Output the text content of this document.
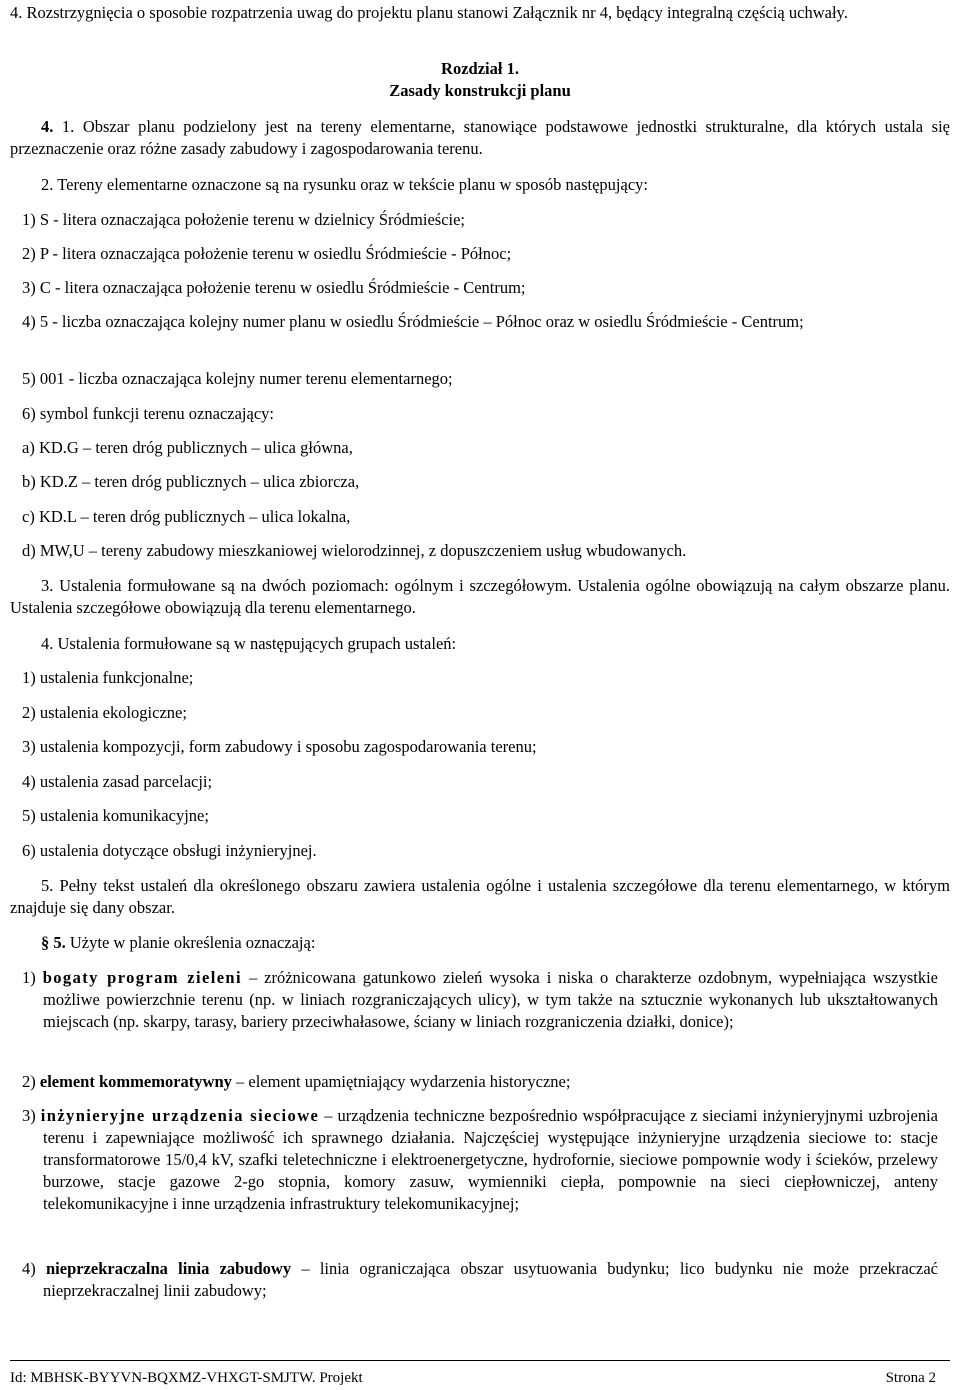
4. Rozstrzygnięcia o sposobie rozpatrzenia uwag do projektu planu stanowi Załącznik nr 4, będący integralną częścią uchwały.
Rozdział 1.
Zasady konstrukcji planu
4. 1. Obszar planu podzielony jest na tereny elementarne, stanowiące podstawowe jednostki strukturalne, dla których ustala się przeznaczenie oraz różne zasady zabudowy i zagospodarowania terenu.
2. Tereny elementarne oznaczone są na rysunku oraz w tekście planu w sposób następujący:
1) S - litera oznaczająca położenie terenu w dzielnicy Śródmieście;
2) P - litera oznaczająca położenie terenu w osiedlu Śródmieście - Północ;
3) C - litera oznaczająca położenie terenu w osiedlu Śródmieście - Centrum;
4) 5 - liczba oznaczająca kolejny numer planu w osiedlu Śródmieście – Północ oraz w osiedlu Śródmieście - Centrum;
5) 001 - liczba oznaczająca kolejny numer terenu elementarnego;
6) symbol funkcji terenu oznaczający:
a) KD.G – teren dróg publicznych – ulica główna,
b) KD.Z – teren dróg publicznych – ulica zbiorcza,
c) KD.L – teren dróg publicznych – ulica lokalna,
d) MW,U – tereny zabudowy mieszkaniowej wielorodzinnej, z dopuszczeniem usług wbudowanych.
3. Ustalenia formułowane są na dwóch poziomach: ogólnym i szczegółowym. Ustalenia ogólne obowiązują na całym obszarze planu. Ustalenia szczegółowe obowiązują dla terenu elementarnego.
4. Ustalenia formułowane są w następujących grupach ustaleń:
1) ustalenia funkcjonalne;
2) ustalenia ekologiczne;
3) ustalenia kompozycji, form zabudowy i sposobu zagospodarowania terenu;
4) ustalenia zasad parcelacji;
5) ustalenia komunikacyjne;
6) ustalenia dotyczące obsługi inżynieryjnej.
5. Pełny tekst ustaleń dla określonego obszaru zawiera ustalenia ogólne i ustalenia szczegółowe dla terenu elementarnego, w którym znajduje się dany obszar.
§ 5. Użyte w planie określenia oznaczają:
1) bogaty program zieleni – zróżnicowana gatunkowo zieleń wysoka i niska o charakterze ozdobnym, wypełniająca wszystkie możliwe powierzchnie terenu (np. w liniach rozgraniczających ulicy), w tym także na sztucznie wykonanych lub ukształtowanych miejscach (np. skarpy, tarasy, bariery przeciwhałasowe, ściany w liniach rozgraniczenia działki, donice);
2) element kommemoratywny – element upamiętniający wydarzenia historyczne;
3) inżynieryjne urządzenia sieciowe – urządzenia techniczne bezpośrednio współpracujące z sieciami inżynieryjnymi uzbrojenia terenu i zapewniające możliwość ich sprawnego działania. Najczęściej występujące inżynieryjne urządzenia sieciowe to: stacje transformatorowe 15/0,4 kV, szafki teletechniczne i elektroenergetyczne, hydrofornie, sieciowe pompownie wody i ścieków, przelewy burzowe, stacje gazowe 2-go stopnia, komory zasuw, wymienniki ciepła, pompownie na sieci ciepłowniczej, anteny telekomunikacyjne i inne urządzenia infrastruktury telekomunikacyjnej;
4) nieprzekraczalna linia zabudowy – linia ograniczająca obszar usytuowania budynku; lico budynku nie może przekraczać nieprzekraczalnej linii zabudowy;
Id: MBHSK-BYYVN-BQXMZ-VHXGT-SMJTW. Projekt	Strona 2
